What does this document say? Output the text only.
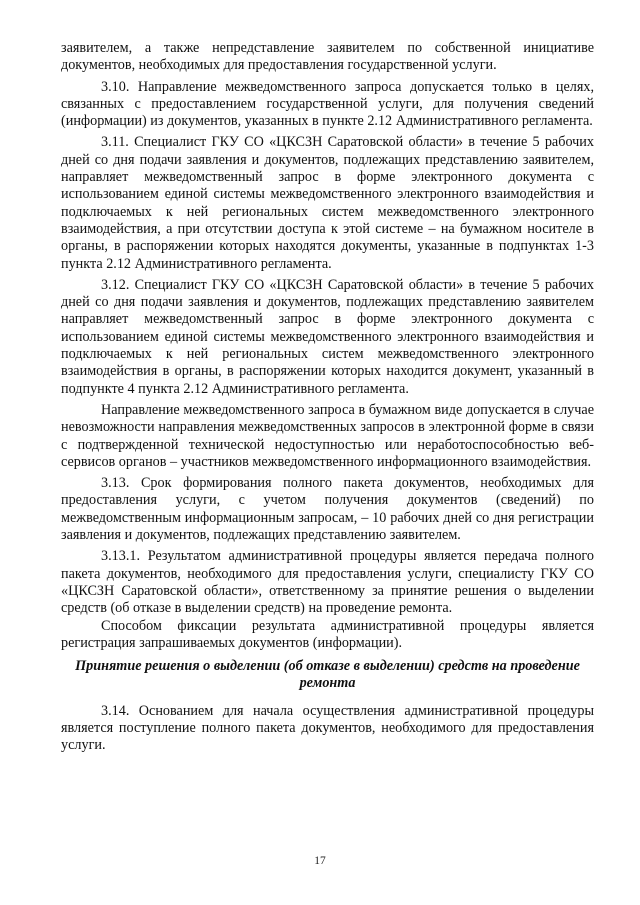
заявителем, а также непредставление заявителем по собственной инициативе документов, необходимых для предоставления государственной услуги.

3.10. Направление межведомственного запроса допускается только в целях, связанных с предоставлением государственной услуги, для получения сведений (информации) из документов, указанных в пункте 2.12 Административного регламента.

3.11. Специалист ГКУ СО «ЦКСЗН Саратовской области» в течение 5 рабочих дней со дня подачи заявления и документов, подлежащих представлению заявителем, направляет межведомственный запрос в форме электронного документа с использованием единой системы межведомственного электронного взаимодействия и подключаемых к ней региональных систем межведомственного электронного взаимодействия, а при отсутствии доступа к этой системе – на бумажном носителе в органы, в распоряжении которых находятся документы, указанные в подпунктах 1-3 пункта 2.12 Административного регламента.

3.12. Специалист ГКУ СО «ЦКСЗН Саратовской области» в течение 5 рабочих дней со дня подачи заявления и документов, подлежащих представлению заявителем направляет межведомственный запрос в форме электронного документа с использованием единой системы межведомственного электронного взаимодействия и подключаемых к ней региональных систем межведомственного электронного взаимодействия в органы, в распоряжении которых находится документ, указанный в подпункте 4 пункта 2.12 Административного регламента.

Направление межведомственного запроса в бумажном виде допускается в случае невозможности направления межведомственных запросов в электронной форме в связи с подтвержденной технической недоступностью или неработоспособностью веб-сервисов органов – участников межведомственного информационного взаимодействия.

3.13. Срок формирования полного пакета документов, необходимых для предоставления услуги, с учетом получения документов (сведений) по межведомственным информационным запросам, – 10 рабочих дней со дня регистрации заявления и документов, подлежащих представлению заявителем.

3.13.1. Результатом административной процедуры является передача полного пакета документов, необходимого для предоставления услуги, специалисту ГКУ СО «ЦКСЗН Саратовской области», ответственному за принятие решения о выделении средств (об отказе в выделении средств) на проведение ремонта.

Способом фиксации результата административной процедуры является регистрация запрашиваемых документов (информации).

Принятие решения о выделении (об отказе в выделении) средств на проведение ремонта

3.14. Основанием для начала осуществления административной процедуры является поступление полного пакета документов, необходимого для предоставления услуги.

17
